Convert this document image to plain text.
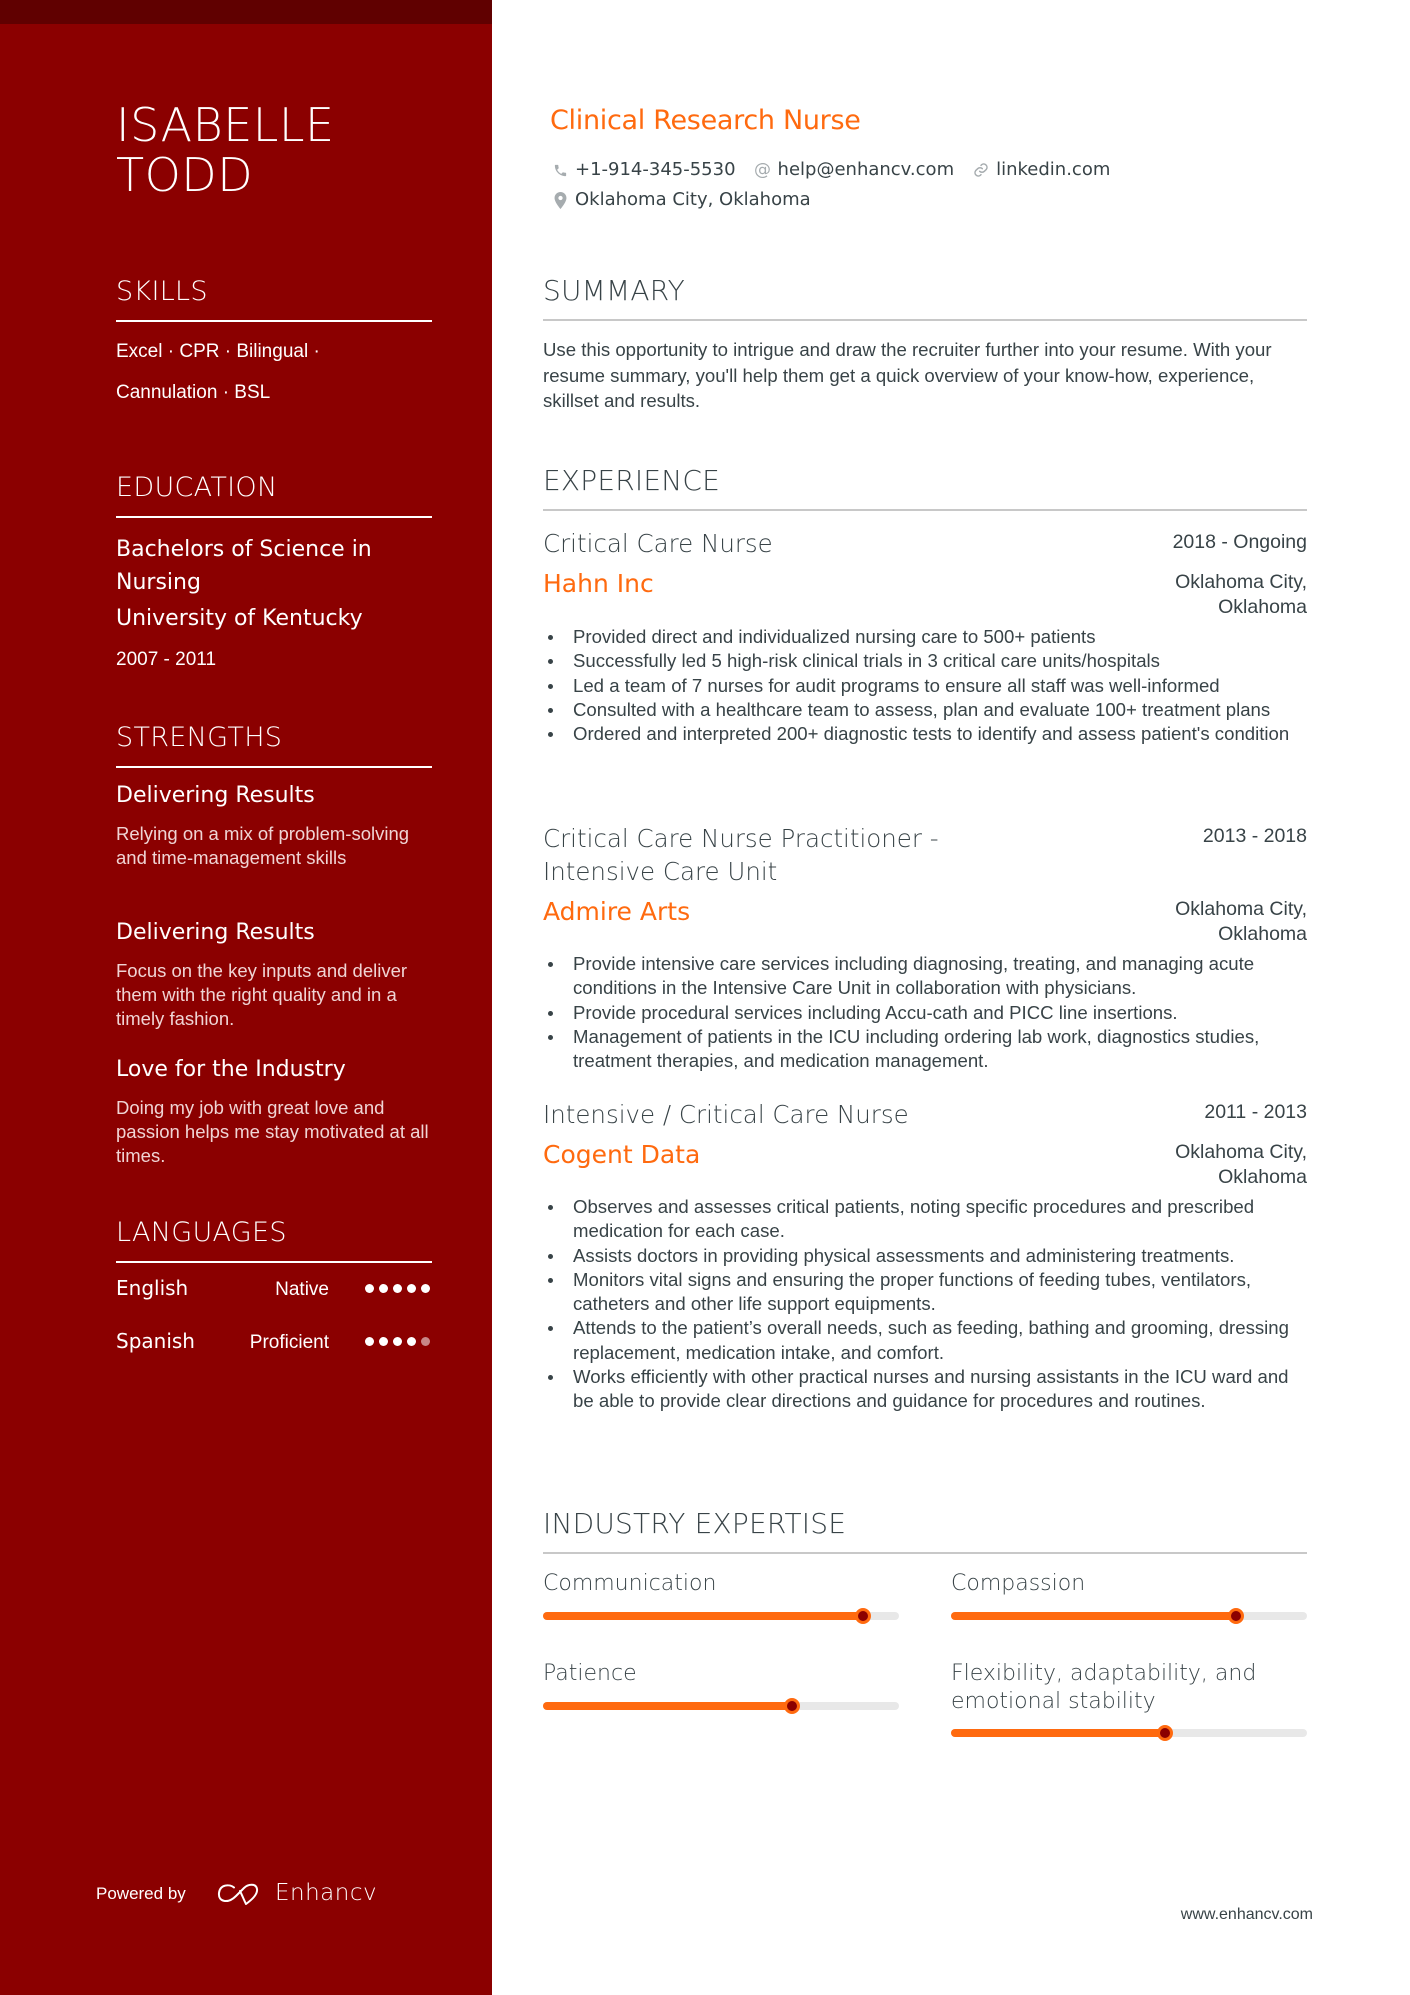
ISABELLE
TODD
SKILLS
Excel · CPR · Bilingual ·
Cannulation · BSL
EDUCATION
Bachelors of Science in Nursing
University of Kentucky
2007 - 2011
STRENGTHS
Delivering Results
Relying on a mix of problem-solving and time-management skills
Delivering Results
Focus on the key inputs and deliver them with the right quality and in a timely fashion.
Love for the Industry
Doing my job with great love and passion helps me stay motivated at all times.
LANGUAGES
English	Native
Spanish	Proficient
Powered by	Enhancv
Clinical Research Nurse
+1-914-345-5530 @ help@enhancv.com linkedin.com
Oklahoma City, Oklahoma
SUMMARY
Use this opportunity to intrigue and draw the recruiter further into your resume. With your resume summary, you'll help them get a quick overview of your know-how, experience, skillset and results.
EXPERIENCE
Critical Care Nurse	2018 - Ongoing
Hahn Inc	Oklahoma City,
Oklahoma
Provided direct and individualized nursing care to 500+ patients
Successfully led 5 high-risk clinical trials in 3 critical care units/hospitals
Led a team of 7 nurses for audit programs to ensure all staff was well-informed
Consulted with a healthcare team to assess, plan and evaluate 100+ treatment plans
Ordered and interpreted 200+ diagnostic tests to identify and assess patient's condition
Critical Care Nurse Practitioner - Intensive Care Unit
2013 - 2018
Admire Arts	Oklahoma City,
Oklahoma
Provide intensive care services including diagnosing, treating, and managing acute conditions in the Intensive Care Unit in collaboration with physicians.
Provide procedural services including Accu-cath and PICC line insertions.
Management of patients in the ICU including ordering lab work, diagnostics studies, treatment therapies, and medication management.
Intensive / Critical Care Nurse	2011 - 2013
Cogent Data	Oklahoma City,
Oklahoma
Observes and assesses critical patients, noting specific procedures and prescribed medication for each case.
Assists doctors in providing physical assessments and administering treatments.
Monitors vital signs and ensuring the proper functions of feeding tubes, ventilators, catheters and other life support equipments.
Attends to the patient’s overall needs, such as feeding, bathing and grooming, dressing replacement, medication intake, and comfort.
Works efficiently with other practical nurses and nursing assistants in the ICU ward and be able to provide clear directions and guidance for procedures and routines.
INDUSTRY EXPERTISE
Communication	Compassion
Patience	Flexibility, adaptability, and emotional stability
www.enhancv.com
